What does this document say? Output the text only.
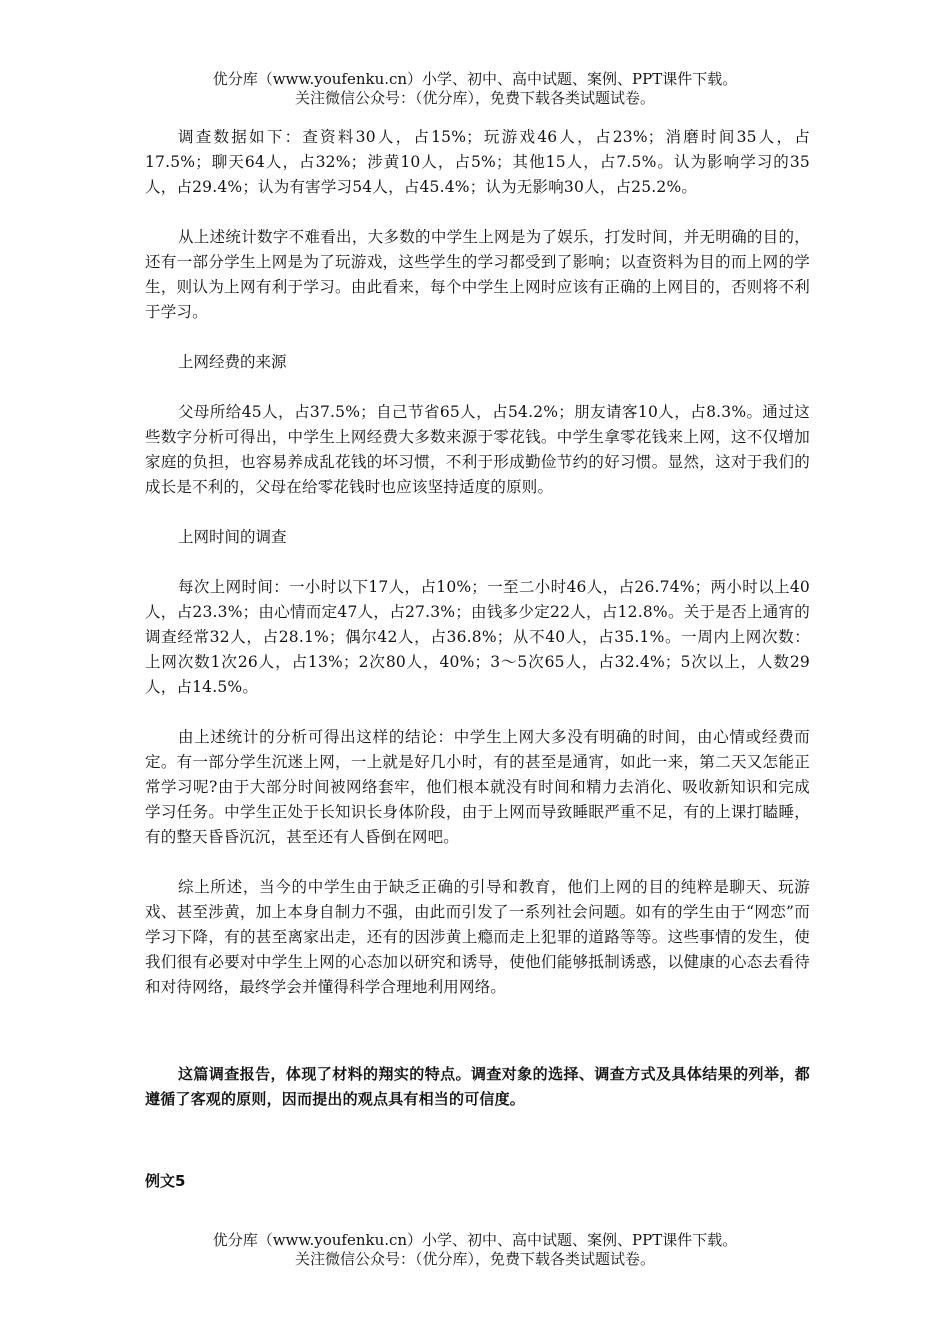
优分库（www.youfenku.cn）小学、初中、高中试题、案例、PPT课件下载。
关注微信公众号：（优分库），免费下载各类试题试卷。

调查数据如下：查资料30人，占15%；玩游戏46人，占23%；消磨时间35人，占17.5%；聊天64人，占32%；涉黄10人，占5%；其他15人，占7.5%。认为影响学习的35人，占29.4%；认为有害学习54人，占45.4%；认为无影响30人，占25.2%。

从上述统计数字不难看出，大多数的中学生上网是为了娱乐，打发时间，并无明确的目的，还有一部分学生上网是为了玩游戏，这些学生的学习都受到了影响；以查资料为目的而上网的学生，则认为上网有利于学习。由此看来，每个中学生上网时应该有正确的上网目的，否则将不利于学习。

上网经费的来源

父母所给45人，占37.5%；自己节省65人，占54.2%；朋友请客10人，占8.3%。通过这些数字分析可得出，中学生上网经费大多数来源于零花钱。中学生拿零花钱来上网，这不仅增加家庭的负担，也容易养成乱花钱的坏习惯，不利于形成勤俭节约的好习惯。显然，这对于我们的成长是不利的，父母在给零花钱时也应该坚持适度的原则。

上网时间的调查

每次上网时间：一小时以下17人，占10%；一至二小时46人，占26.74%；两小时以上40人，占23.3%；由心情而定47人，占27.3%；由钱多少定22人，占12.8%。关于是否上通宵的调查经常32人，占28.1%；偶尔42人，占36.8%；从不40人，占35.1%。一周内上网次数：上网次数1次26人，占13%；2次80人，40%；3～5次65人，占32.4%；5次以上，人数29人，占14.5%。

由上述统计的分析可得出这样的结论：中学生上网大多没有明确的时间，由心情或经费而定。有一部分学生沉迷上网，一上就是好几小时，有的甚至是通宵，如此一来，第二天又怎能正常学习呢?由于大部分时间被网络套牢，他们根本就没有时间和精力去消化、吸收新知识和完成学习任务。中学生正处于长知识长身体阶段，由于上网而导致睡眠严重不足，有的上课打瞌睡，有的整天昏昏沉沉，甚至还有人昏倒在网吧。

综上所述，当今的中学生由于缺乏正确的引导和教育，他们上网的目的纯粹是聊天、玩游戏、甚至涉黄，加上本身自制力不强，由此而引发了一系列社会问题。如有的学生由于“网恋”而学习下降，有的甚至离家出走，还有的因涉黄上瘾而走上犯罪的道路等等。这些事情的发生，使我们很有必要对中学生上网的心态加以研究和诱导，使他们能够抵制诱惑，以健康的心态去看待和对待网络，最终学会并懂得科学合理地利用网络。

这篇调查报告，体现了材料的翔实的特点。调查对象的选择、调查方式及具体结果的列举，都遵循了客观的原则，因而提出的观点具有相当的可信度。

例文5
优分库（www.youfenku.cn）小学、初中、高中试题、案例、PPT课件下载。
关注微信公众号：（优分库），免费下载各类试题试卷。
